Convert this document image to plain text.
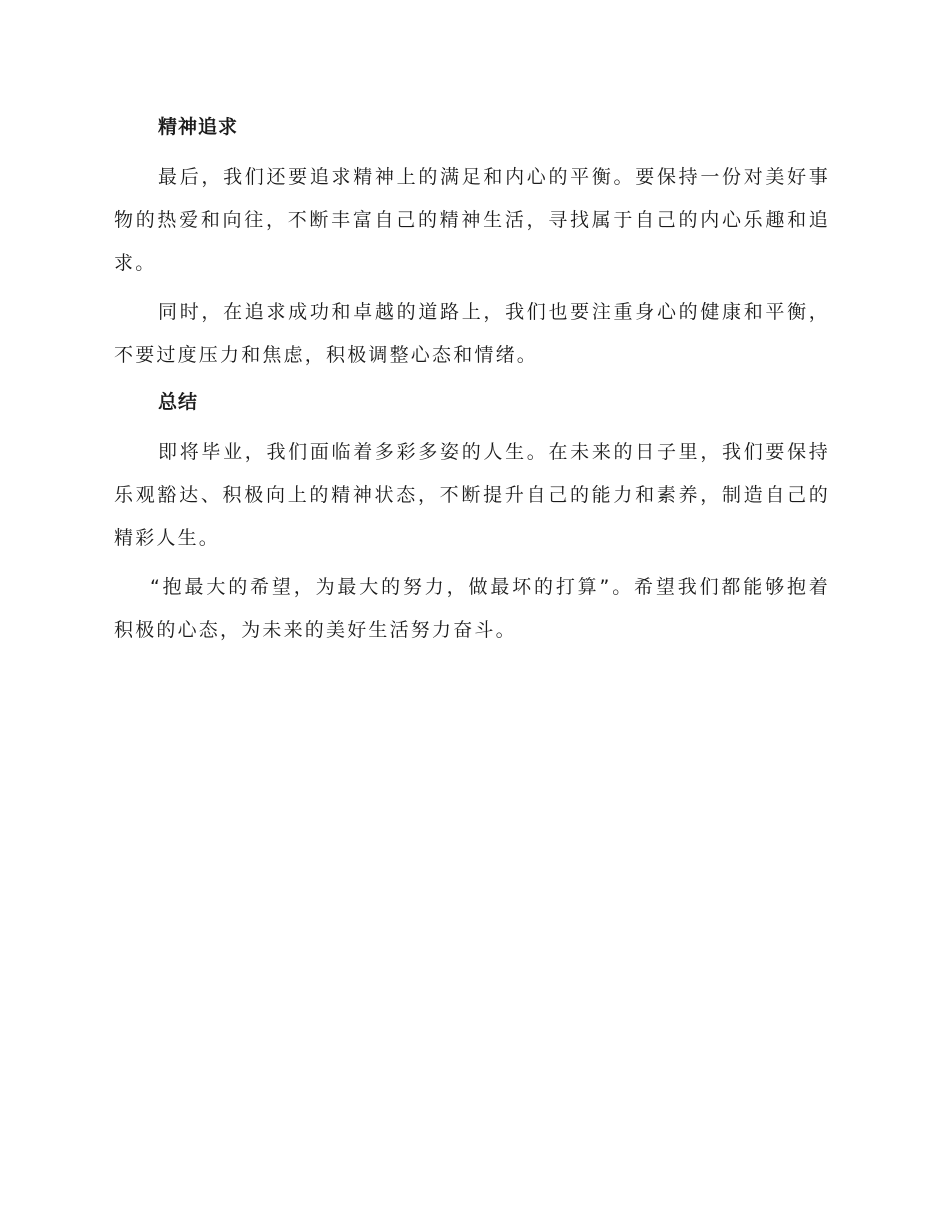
精神追求

最后，我们还要追求精神上的满足和内心的平衡。要保持一份对美好事物的热爱和向往，不断丰富自己的精神生活，寻找属于自己的内心乐趣和追求。

同时，在追求成功和卓越的道路上，我们也要注重身心的健康和平衡，不要过度压力和焦虑，积极调整心态和情绪。

总结

即将毕业，我们面临着多彩多姿的人生。在未来的日子里，我们要保持乐观豁达、积极向上的精神状态，不断提升自己的能力和素养，制造自己的精彩人生。

“抱最大的希望，为最大的努力，做最坏的打算”。希望我们都能够抱着积极的心态，为未来的美好生活努力奋斗。
